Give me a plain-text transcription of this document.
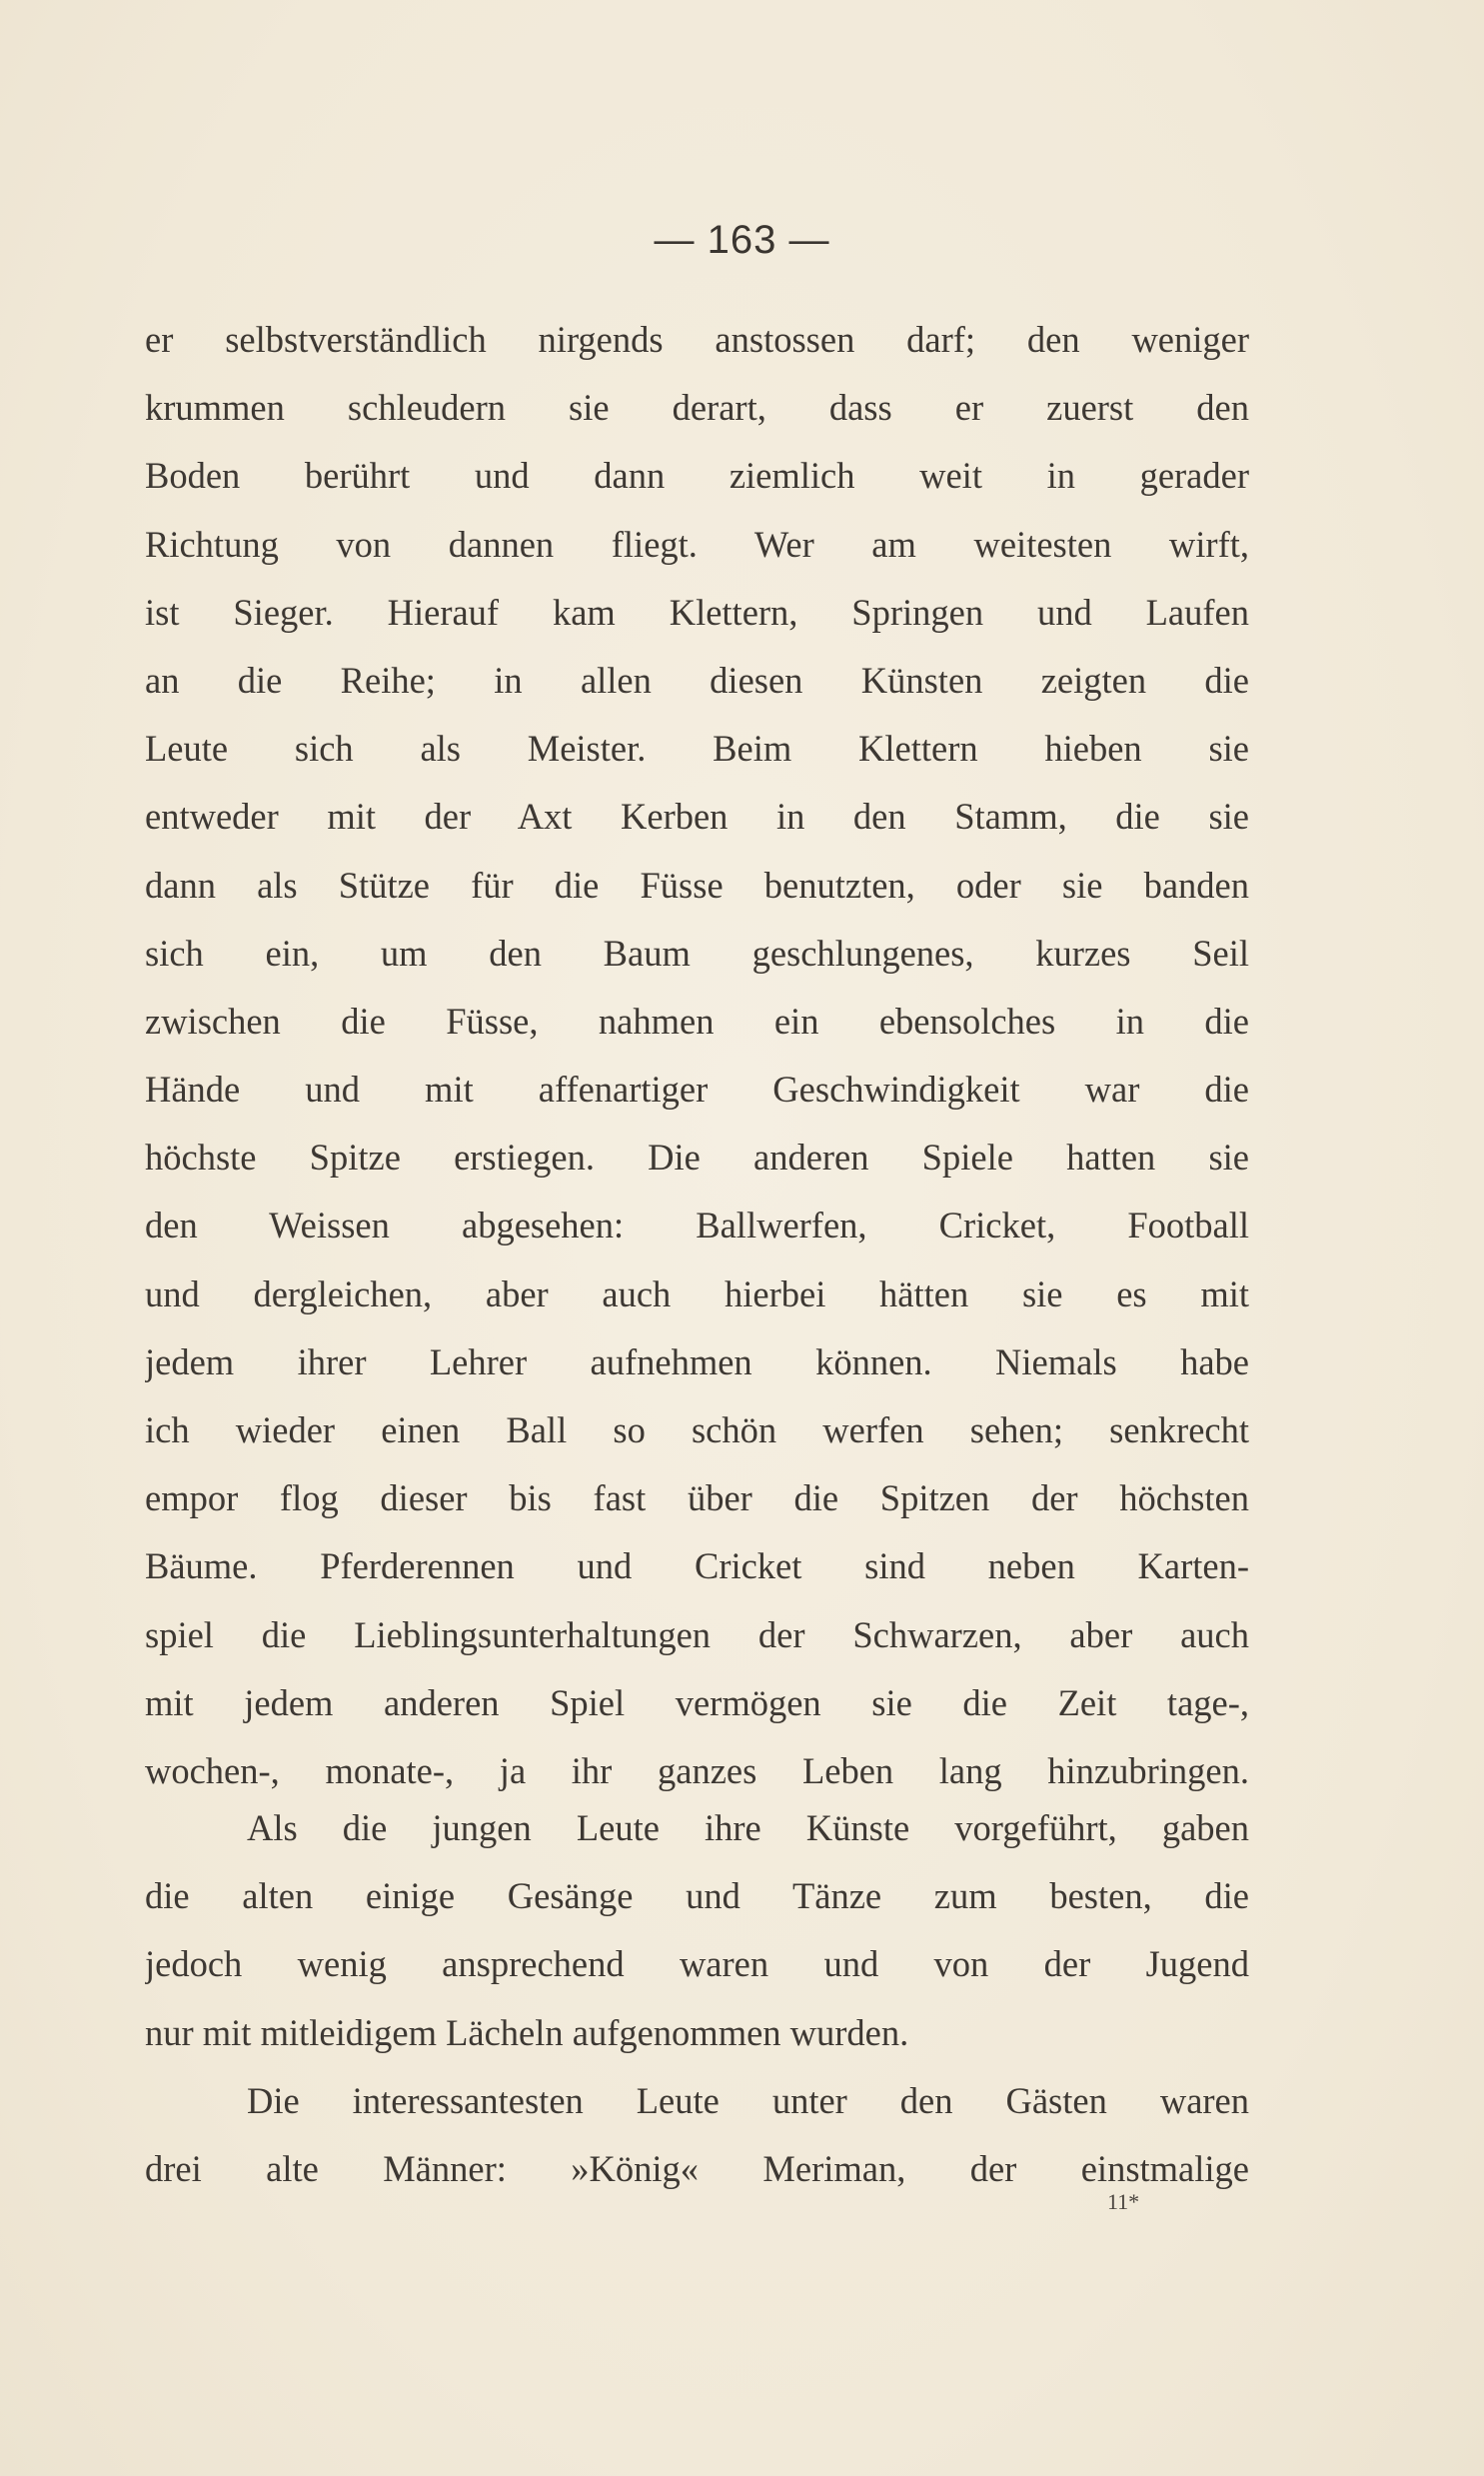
— 163 —
er selbstverständlich nirgends anstossen darf; den weniger
krummen schleudern sie derart, dass er zuerst den
Boden berührt und dann ziemlich weit in gerader
Richtung von dannen fliegt. Wer am weitesten wirft,
ist Sieger. Hierauf kam Klettern, Springen und Laufen
an die Reihe; in allen diesen Künsten zeigten die
Leute sich als Meister. Beim Klettern hieben sie
entweder mit der Axt Kerben in den Stamm, die sie
dann als Stütze für die Füsse benutzten, oder sie banden
sich ein, um den Baum geschlungenes, kurzes Seil
zwischen die Füsse, nahmen ein ebensolches in die
Hände und mit affenartiger Geschwindigkeit war die
höchste Spitze erstiegen. Die anderen Spiele hatten sie
den Weissen abgesehen: Ballwerfen, Cricket, Football
und dergleichen, aber auch hierbei hätten sie es mit
jedem ihrer Lehrer aufnehmen können. Niemals habe
ich wieder einen Ball so schön werfen sehen; senkrecht
empor flog dieser bis fast über die Spitzen der höchsten
Bäume. Pferderennen und Cricket sind neben Karten-
spiel die Lieblingsunterhaltungen der Schwarzen, aber auch
mit jedem anderen Spiel vermögen sie die Zeit tage-,
wochen-, monate-, ja ihr ganzes Leben lang hinzubringen.
Als die jungen Leute ihre Künste vorgeführt, gaben
die alten einige Gesänge und Tänze zum besten, die
jedoch wenig ansprechend waren und von der Jugend
nur mit mitleidigem Lächeln aufgenommen wurden.
Die interessantesten Leute unter den Gästen waren
drei alte Männer: »König« Meriman, der einstmalige
11*
